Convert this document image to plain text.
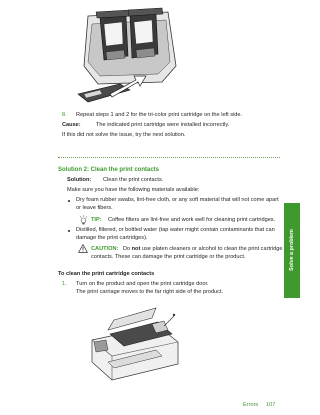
8. Repeat steps 1 and 2 for the tri-color print cartridge on the left side.
Cause:	The indicated print cartridge were installed incorrectly.
If this did not solve the issue, try the next solution.
Solution 2: Clean the print contacts
Solution: Clean the print contacts.
Make sure you have the following materials available:
Dry foam rubber swabs, lint-free cloth, or any soft material that will not come apart
or leave fibers.
TIP: Coffee filters are lint-free and work well for cleaning print cartridges.
Distilled, filtered, or bottled water (tap water might contain contaminants that can
damage the print cartridges).
CAUTION: Do not use platen cleaners or alcohol to clean the print cartridge
contacts. These can damage the print cartridge or the product.
To clean the print cartridge contacts
1. Turn on the product and open the print cartridge door.
The print carriage moves to the far right side of the product.
Solve a problem
Errors 107
